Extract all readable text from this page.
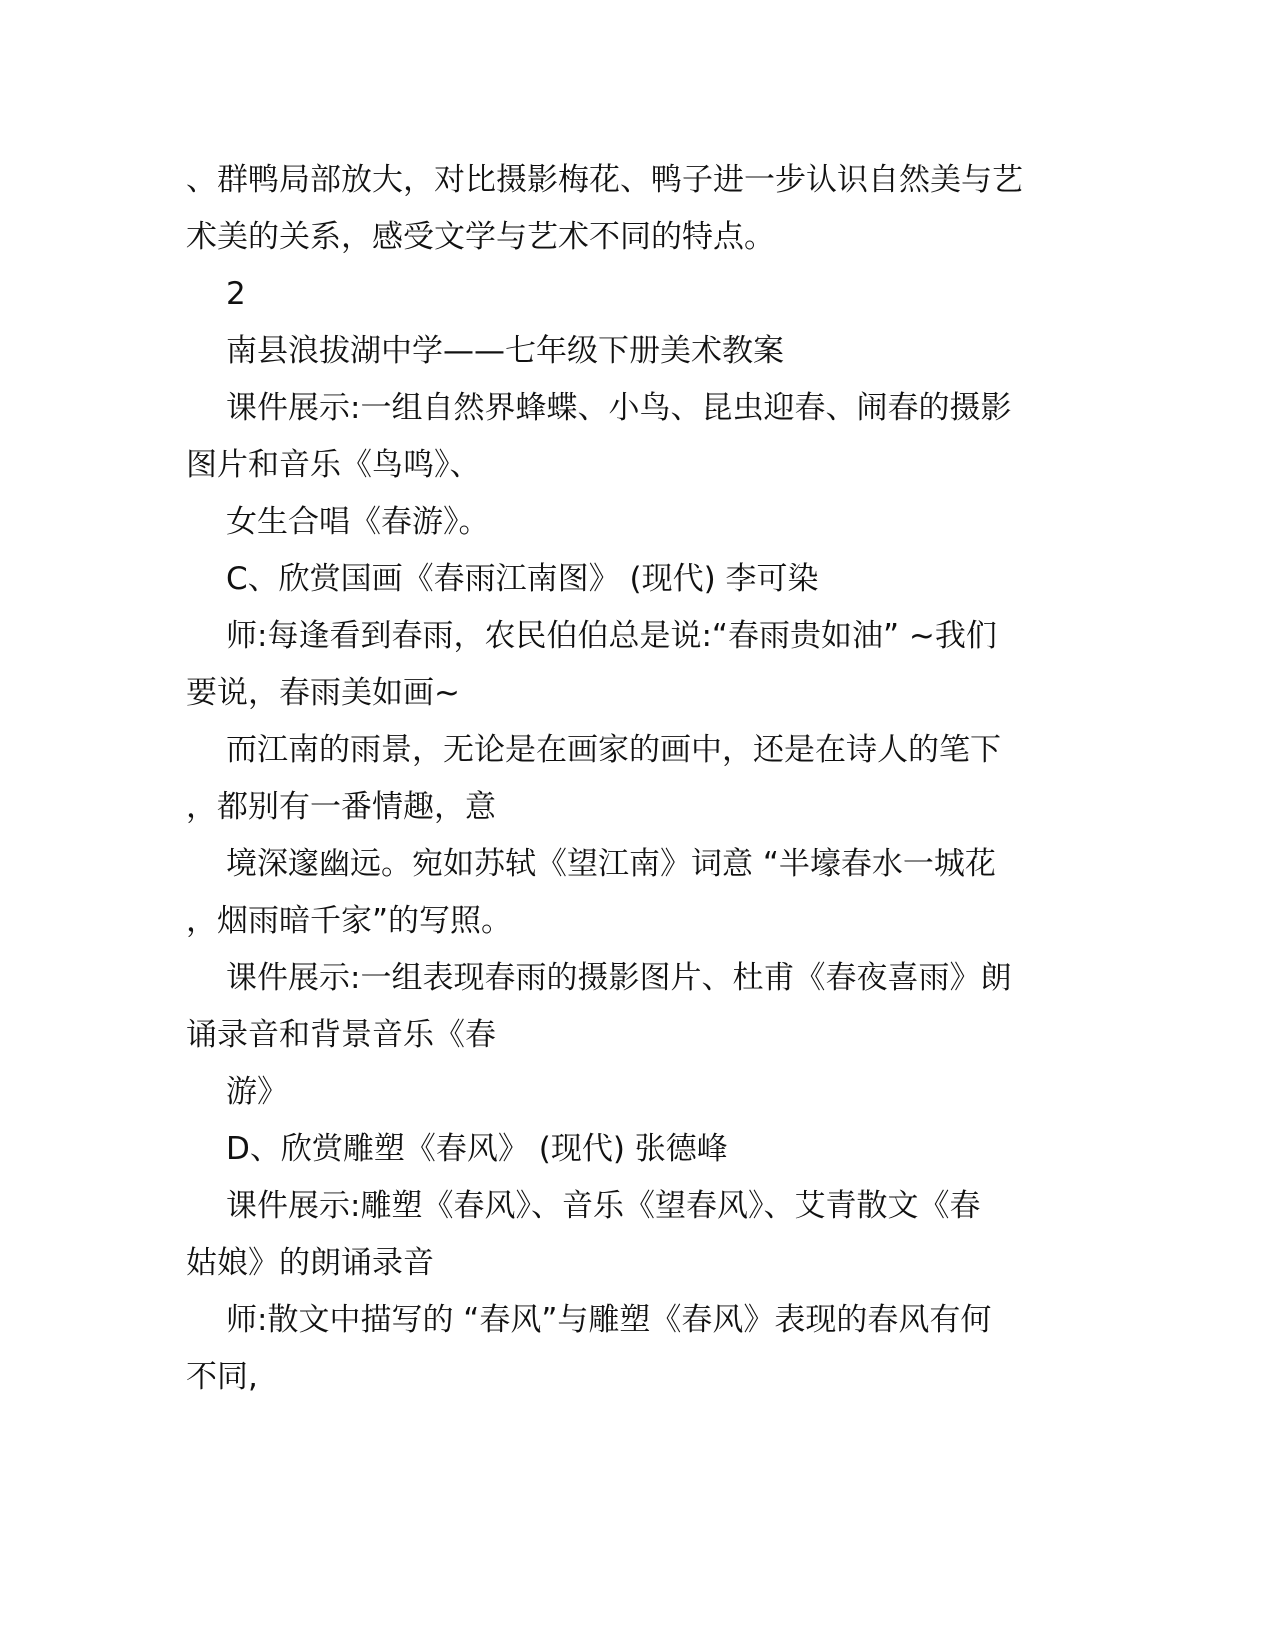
、群鸭局部放大，对比摄影梅花、鸭子进一步认识自然美与艺
术美的关系，感受文学与艺术不同的特点。
2
南县浪拔湖中学——七年级下册美术教案
课件展示:一组自然界蜂蝶、小鸟、昆虫迎春、闹春的摄影
图片和音乐《鸟鸣》、
女生合唱《春游》。
C、欣赏国画《春雨江南图》 (现代) 李可染
师:每逢看到春雨，农民伯伯总是说:“春雨贵如油” ~我们
要说，春雨美如画~
而江南的雨景，无论是在画家的画中，还是在诗人的笔下
，都别有一番情趣，意
境深邃幽远。宛如苏轼《望江南》词意 “半壕春水一城花
，烟雨暗千家”的写照。
课件展示:一组表现春雨的摄影图片、杜甫《春夜喜雨》朗
诵录音和背景音乐《春
游》
D、欣赏雕塑《春风》 (现代) 张德峰
课件展示:雕塑《春风》、音乐《望春风》、艾青散文《春
姑娘》的朗诵录音
师:散文中描写的 “春风”与雕塑《春风》表现的春风有何
不同,
